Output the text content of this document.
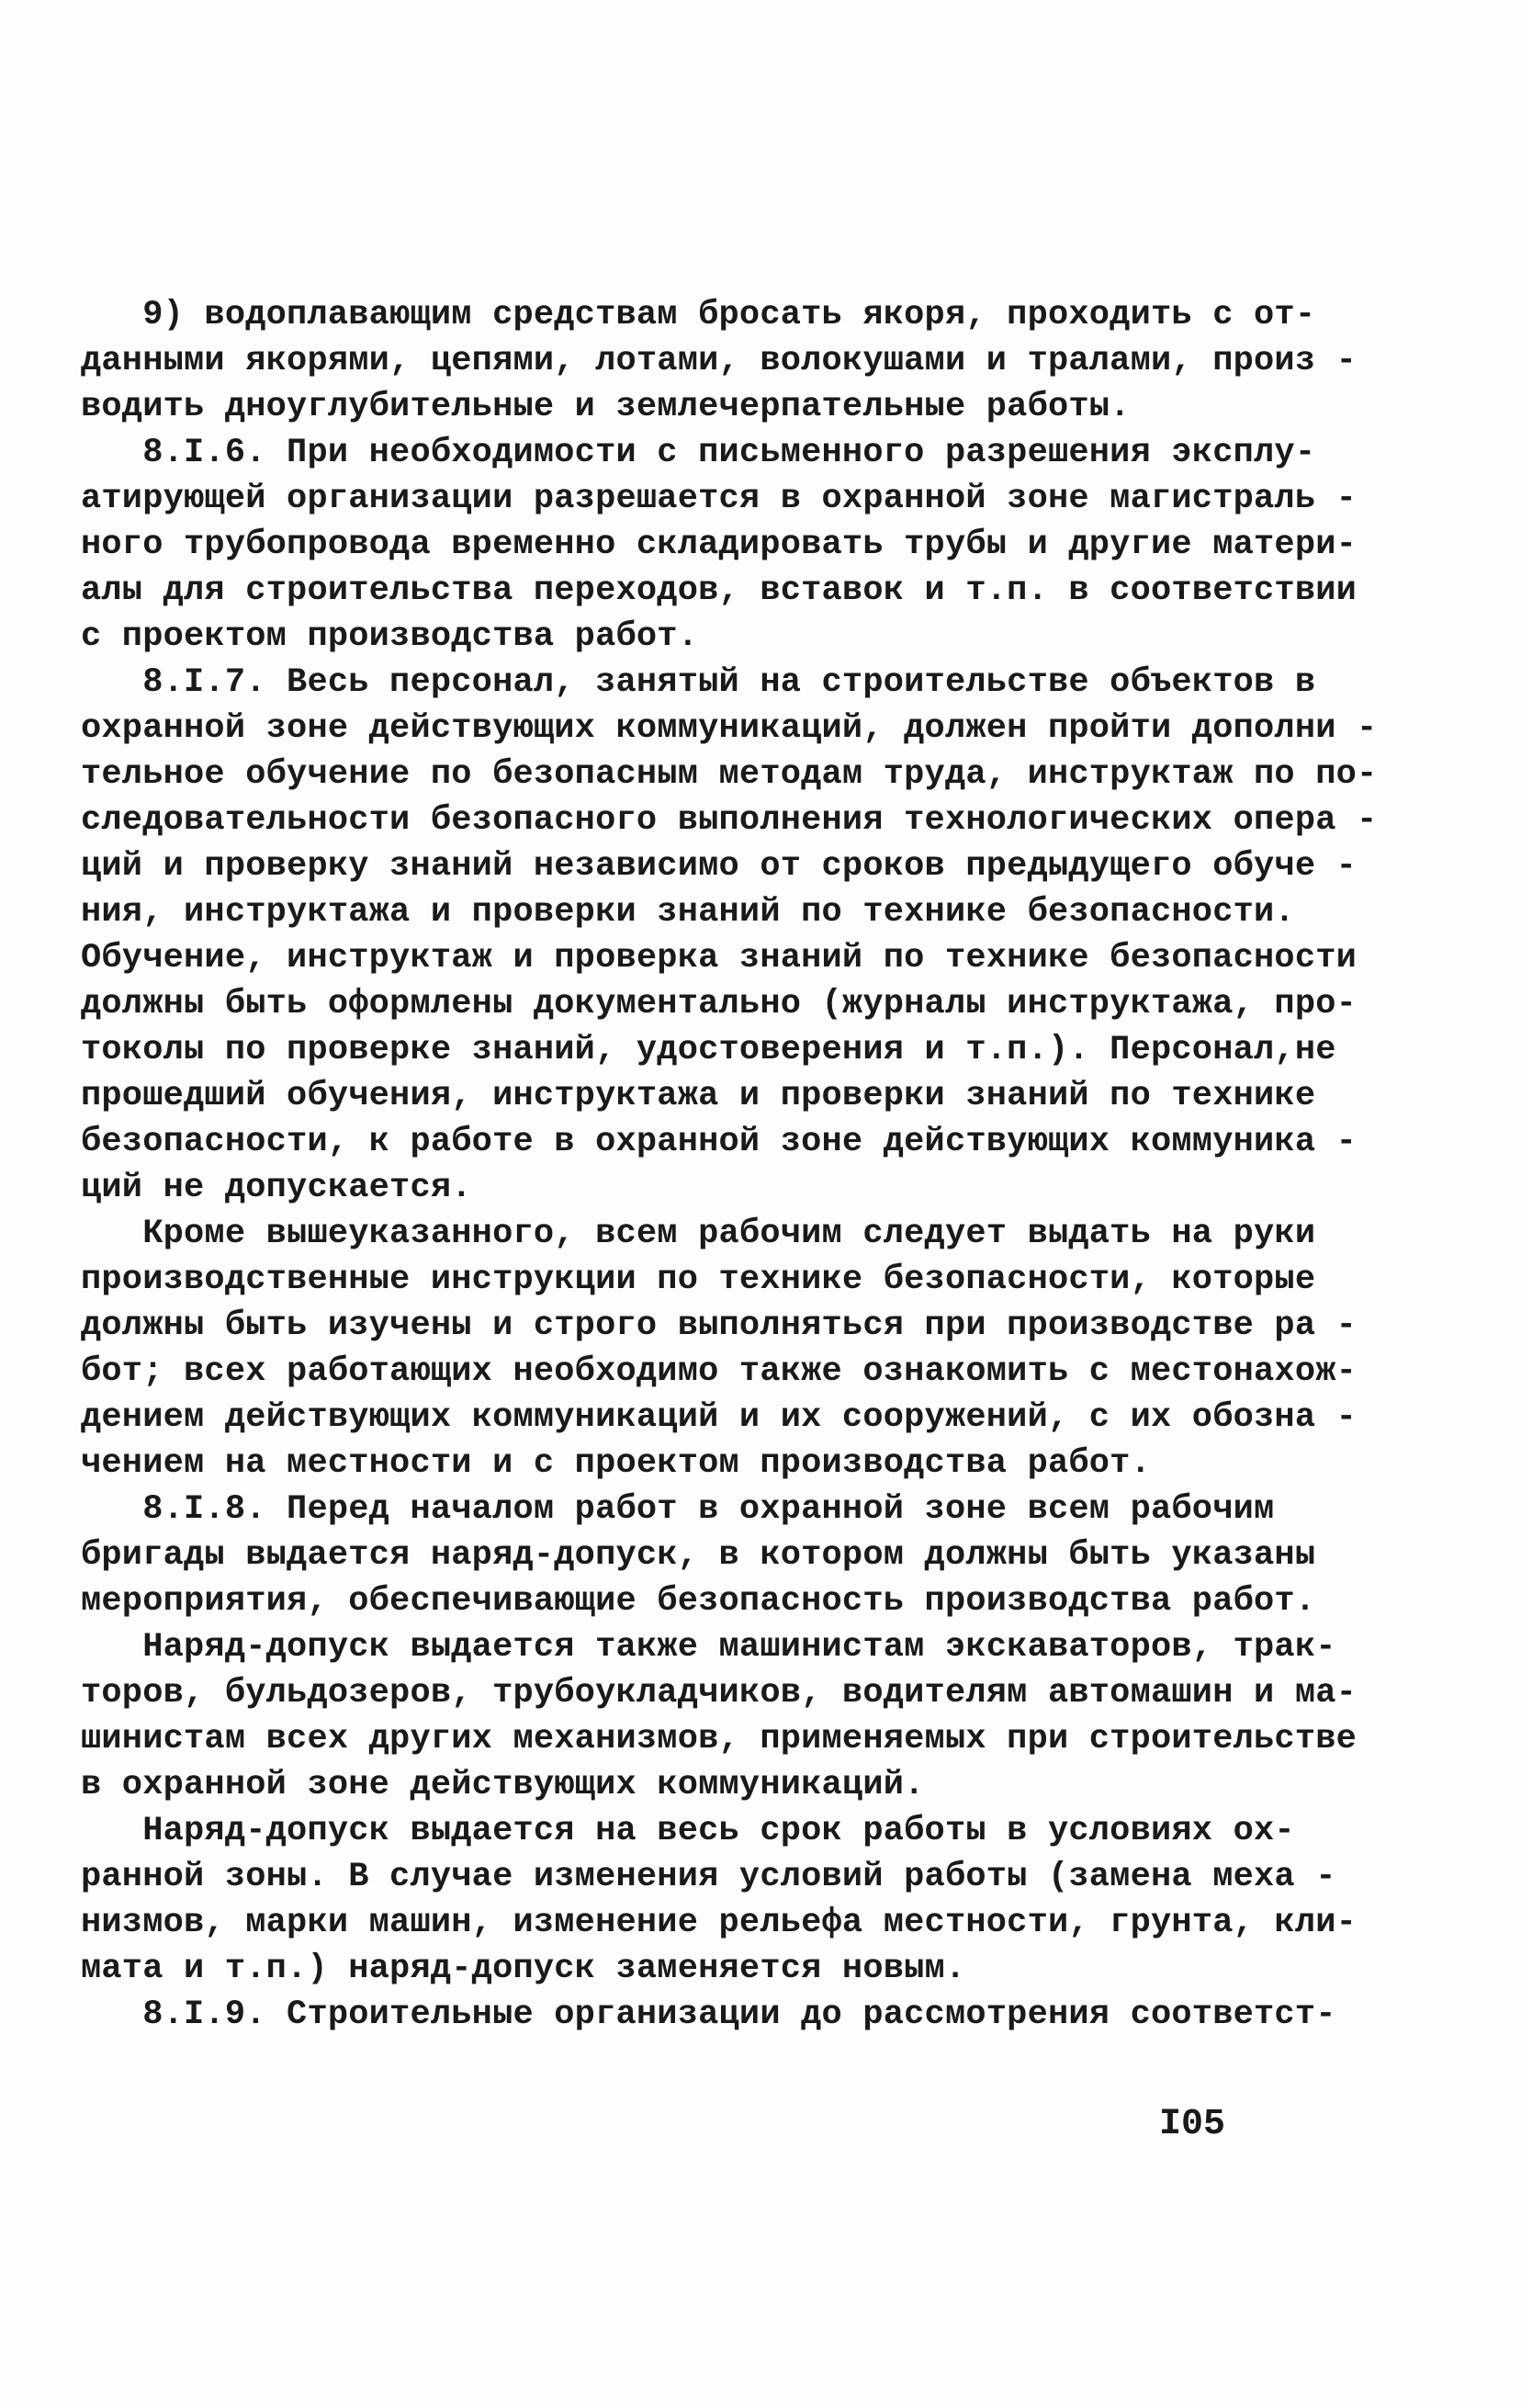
9) водоплавающим средствам бросать якоря, проходить с от-
данными якорями, цепями, лотами, волокушами и тралами, произ -
водить дноуглубительные и землечерпательные работы.
8.I.6. При необходимости с письменного разрешения эксплу-
атирующей организации разрешается в охранной зоне магистраль -
ного трубопровода временно складировать трубы и другие матери-
алы для строительства переходов, вставок и т.п. в соответствии
с проектом производства работ.
8.I.7. Весь персонал, занятый на строительстве объектов в
охранной зоне действующих коммуникаций, должен пройти дополни -
тельное обучение по безопасным методам труда, инструктаж по по-
следовательности безопасного выполнения технологических опера -
ций и проверку знаний независимо от сроков предыдущего обуче -
ния, инструктажа и проверки знаний по технике безопасности.
Обучение, инструктаж и проверка знаний по технике безопасности
должны быть оформлены документально (журналы инструктажа, про-
токолы по проверке знаний, удостоверения и т.п.). Персонал,не
прошедший обучения, инструктажа и проверки знаний по технике
безопасности, к работе в охранной зоне действующих коммуника -
ций не допускается.
Кроме вышеуказанного, всем рабочим следует выдать на руки
производственные инструкции по технике безопасности, которые
должны быть изучены и строго выполняться при производстве ра -
бот; всех работающих необходимо также ознакомить с местонахож-
дением действующих коммуникаций и их сооружений, с их обозна -
чением на местности и с проектом производства работ.
8.I.8. Перед началом работ в охранной зоне всем рабочим
бригады выдается наряд-допуск, в котором должны быть указаны
мероприятия, обеспечивающие безопасность производства работ.
Наряд-допуск выдается также машинистам экскаваторов, трак-
торов, бульдозеров, трубоукладчиков, водителям автомашин и ма-
шинистам всех других механизмов, применяемых при строительстве
в охранной зоне действующих коммуникаций.
Наряд-допуск выдается на весь срок работы в условиях ох-
ранной зоны. В случае изменения условий работы (замена меха -
низмов, марки машин, изменение рельефа местности, грунта, кли-
мата и т.п.) наряд-допуск заменяется новым.
8.I.9. Строительные организации до рассмотрения соответст-
I05
